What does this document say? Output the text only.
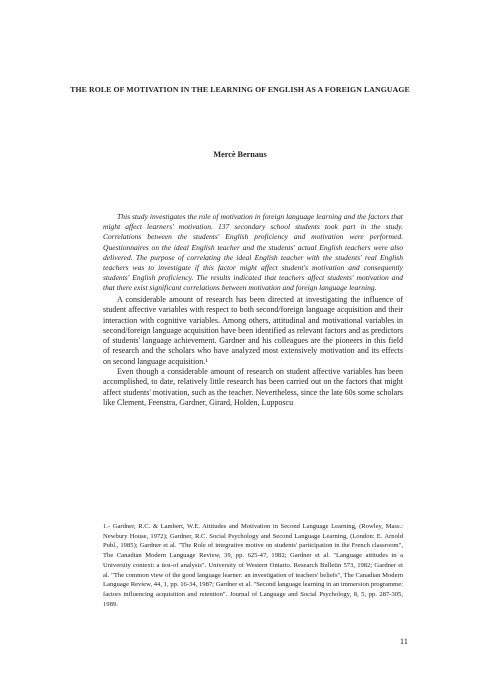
THE ROLE OF MOTIVATION IN THE LEARNING OF ENGLISH AS A FOREIGN LANGUAGE
Mercè Bernaus
This study investigates the role of motivation in foreign language learning and the factors that might affect learners' motivation. 137 secondary school students took part in the study. Correlations between the students' English proficiency and motivation were performed. Questionnaires on the ideal English teacher and the students' actual English teachers were also delivered. The purpose of correlating the ideal English teacher with the students' real English teachers was to investigate if this factor might affect student's motivation and consequently students' English proficiency. The results indicated that teachers affect students' motivation and that there exist significant correlations between motivation and foreign language learning.

A considerable amount of research has been directed at investigating the influence of student affective variables with respect to both second/foreign language acquisition and their interaction with cognitive variables. Among others, attitudinal and motivational variables in second/foreign language acquisition have been identified as relevant factors and as predictors of students' language achievement. Gardner and his colleagues are the pioneers in this field of research and the scholars who have analyzed most extensively motivation and its effects on second language acquisition.¹

Even though a considerable amount of research on student affective variables has been accomplished, to date, relatively little research has been carried out on the factors that might affect students' motivation, such as the teacher. Nevertheless, since the late 60s some scholars like Clement, Feenstra, Gardner, Girard, Holden, Lupposcu

1.- Gardner, R.C. & Lambert, W.E. Attitudes and Motivation in Second Language Learning, (Rowley, Mass.: Newbury House, 1972); Gardner, R.C. Social Psychology and Second Language Learning, (London: E. Arnold Publ., 1985); Gardner et al. "The Role of integrative motive on students' participation in the French classroom", The Canadian Modern Language Review, 39, pp. 625-47, 1982; Gardner et al. "Language attitudes in a University context: a test-of analysis". University of Western Ontario. Research Bulletin 573, 1982; Gardner et al. "The common view of the good language learner: an investigation of teachers' beliefs", The Canadian Modern Language Review, 44, 1, pp. 16-34, 1987; Gardner et al. "Second language learning in an immersion programme: factors influencing acquisition and retention". Journal of Language and Social Psychology, 8, 5, pp. 287-305, 1989.
11
